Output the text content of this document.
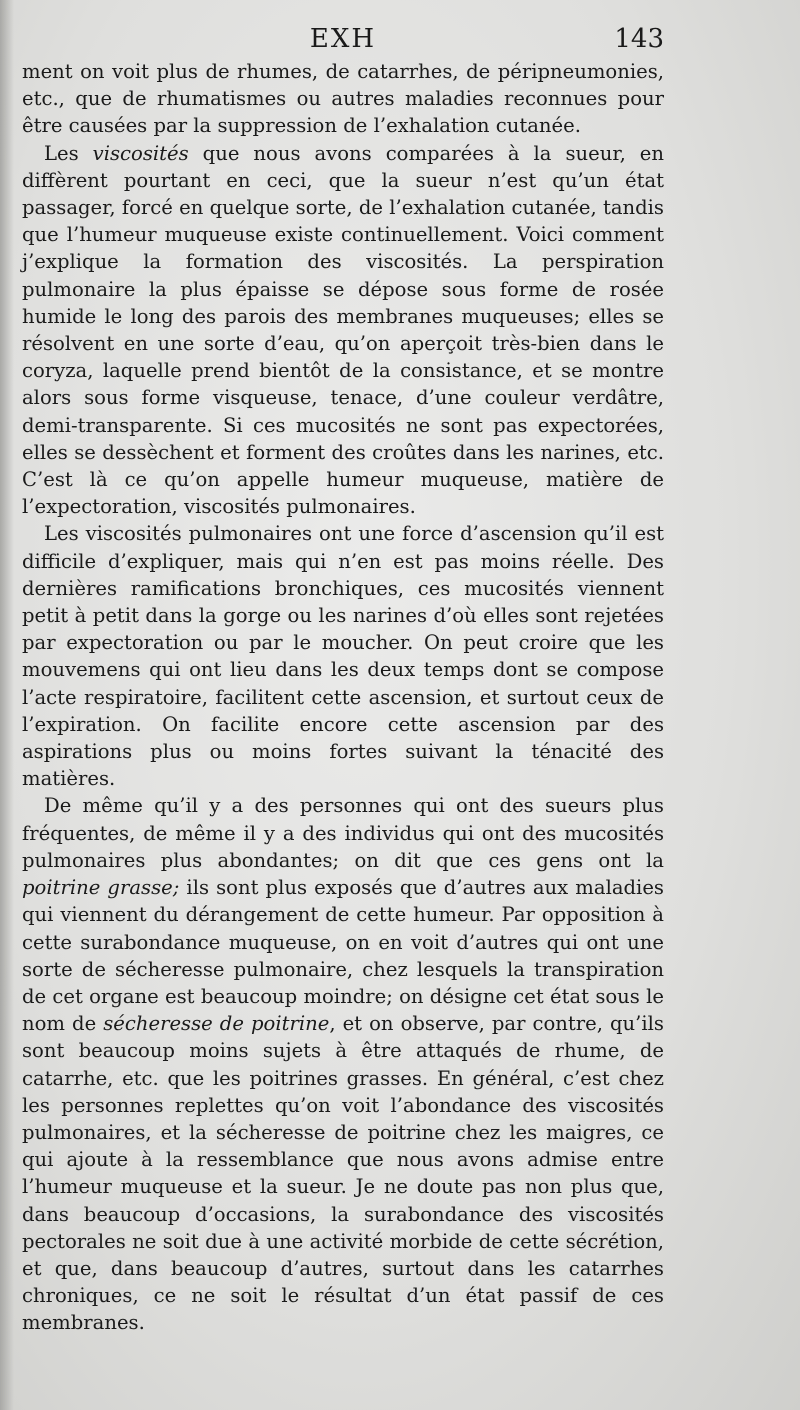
EXH	143

ment on voit plus de rhumes, de catarrhes, de péripneumonies, etc., que de rhumatismes ou autres maladies reconnues pour être causées par la suppression de l’exhalation cutanée.

Les viscosités que nous avons comparées à la sueur, en diffèrent pourtant en ceci, que la sueur n’est qu’un état passager, forcé en quelque sorte, de l’exhalation cutanée, tandis que l’humeur muqueuse existe continuellement. Voici comment j’explique la formation des viscosités. La perspiration pulmonaire la plus épaisse se dépose sous forme de rosée humide le long des parois des membranes muqueuses; elles se résolvent en une sorte d’eau, qu’on aperçoit très-bien dans le coryza, laquelle prend bientôt de la consistance, et se montre alors sous forme visqueuse, tenace, d’une couleur verdâtre, demi-transparente. Si ces mucosités ne sont pas expectorées, elles se dessèchent et forment des croûtes dans les narines, etc. C’est là ce qu’on appelle humeur muqueuse, matière de l’expectoration, viscosités pulmonaires.

Les viscosités pulmonaires ont une force d’ascension qu’il est difficile d’expliquer, mais qui n’en est pas moins réelle. Des dernières ramifications bronchiques, ces mucosités viennent petit à petit dans la gorge ou les narines d’où elles sont rejetées par expectoration ou par le moucher. On peut croire que les mouvemens qui ont lieu dans les deux temps dont se compose l’acte respiratoire, facilitent cette ascension, et surtout ceux de l’expiration. On facilite encore cette ascension par des aspirations plus ou moins fortes suivant la ténacité des matières.

De même qu’il y a des personnes qui ont des sueurs plus fréquentes, de même il y a des individus qui ont des mucosités pulmonaires plus abondantes; on dit que ces gens ont la poitrine grasse; ils sont plus exposés que d’autres aux maladies qui viennent du dérangement de cette humeur. Par opposition à cette surabondance muqueuse, on en voit d’autres qui ont une sorte de sécheresse pulmonaire, chez lesquels la transpiration de cet organe est beaucoup moindre; on désigne cet état sous le nom de sécheresse de poitrine, et on observe, par contre, qu’ils sont beaucoup moins sujets à être attaqués de rhume, de catarrhe, etc. que les poitrines grasses. En général, c’est chez les personnes replettes qu’on voit l’abondance des viscosités pulmonaires, et la sécheresse de poitrine chez les maigres, ce qui ajoute à la ressemblance que nous avons admise entre l’humeur muqueuse et la sueur. Je ne doute pas non plus que, dans beaucoup d’occasions, la surabondance des viscosités pectorales ne soit due à une activité morbide de cette sécrétion, et que, dans beaucoup d’autres, surtout dans les catarrhes chroniques, ce ne soit le résultat d’un état passif de ces membranes.
